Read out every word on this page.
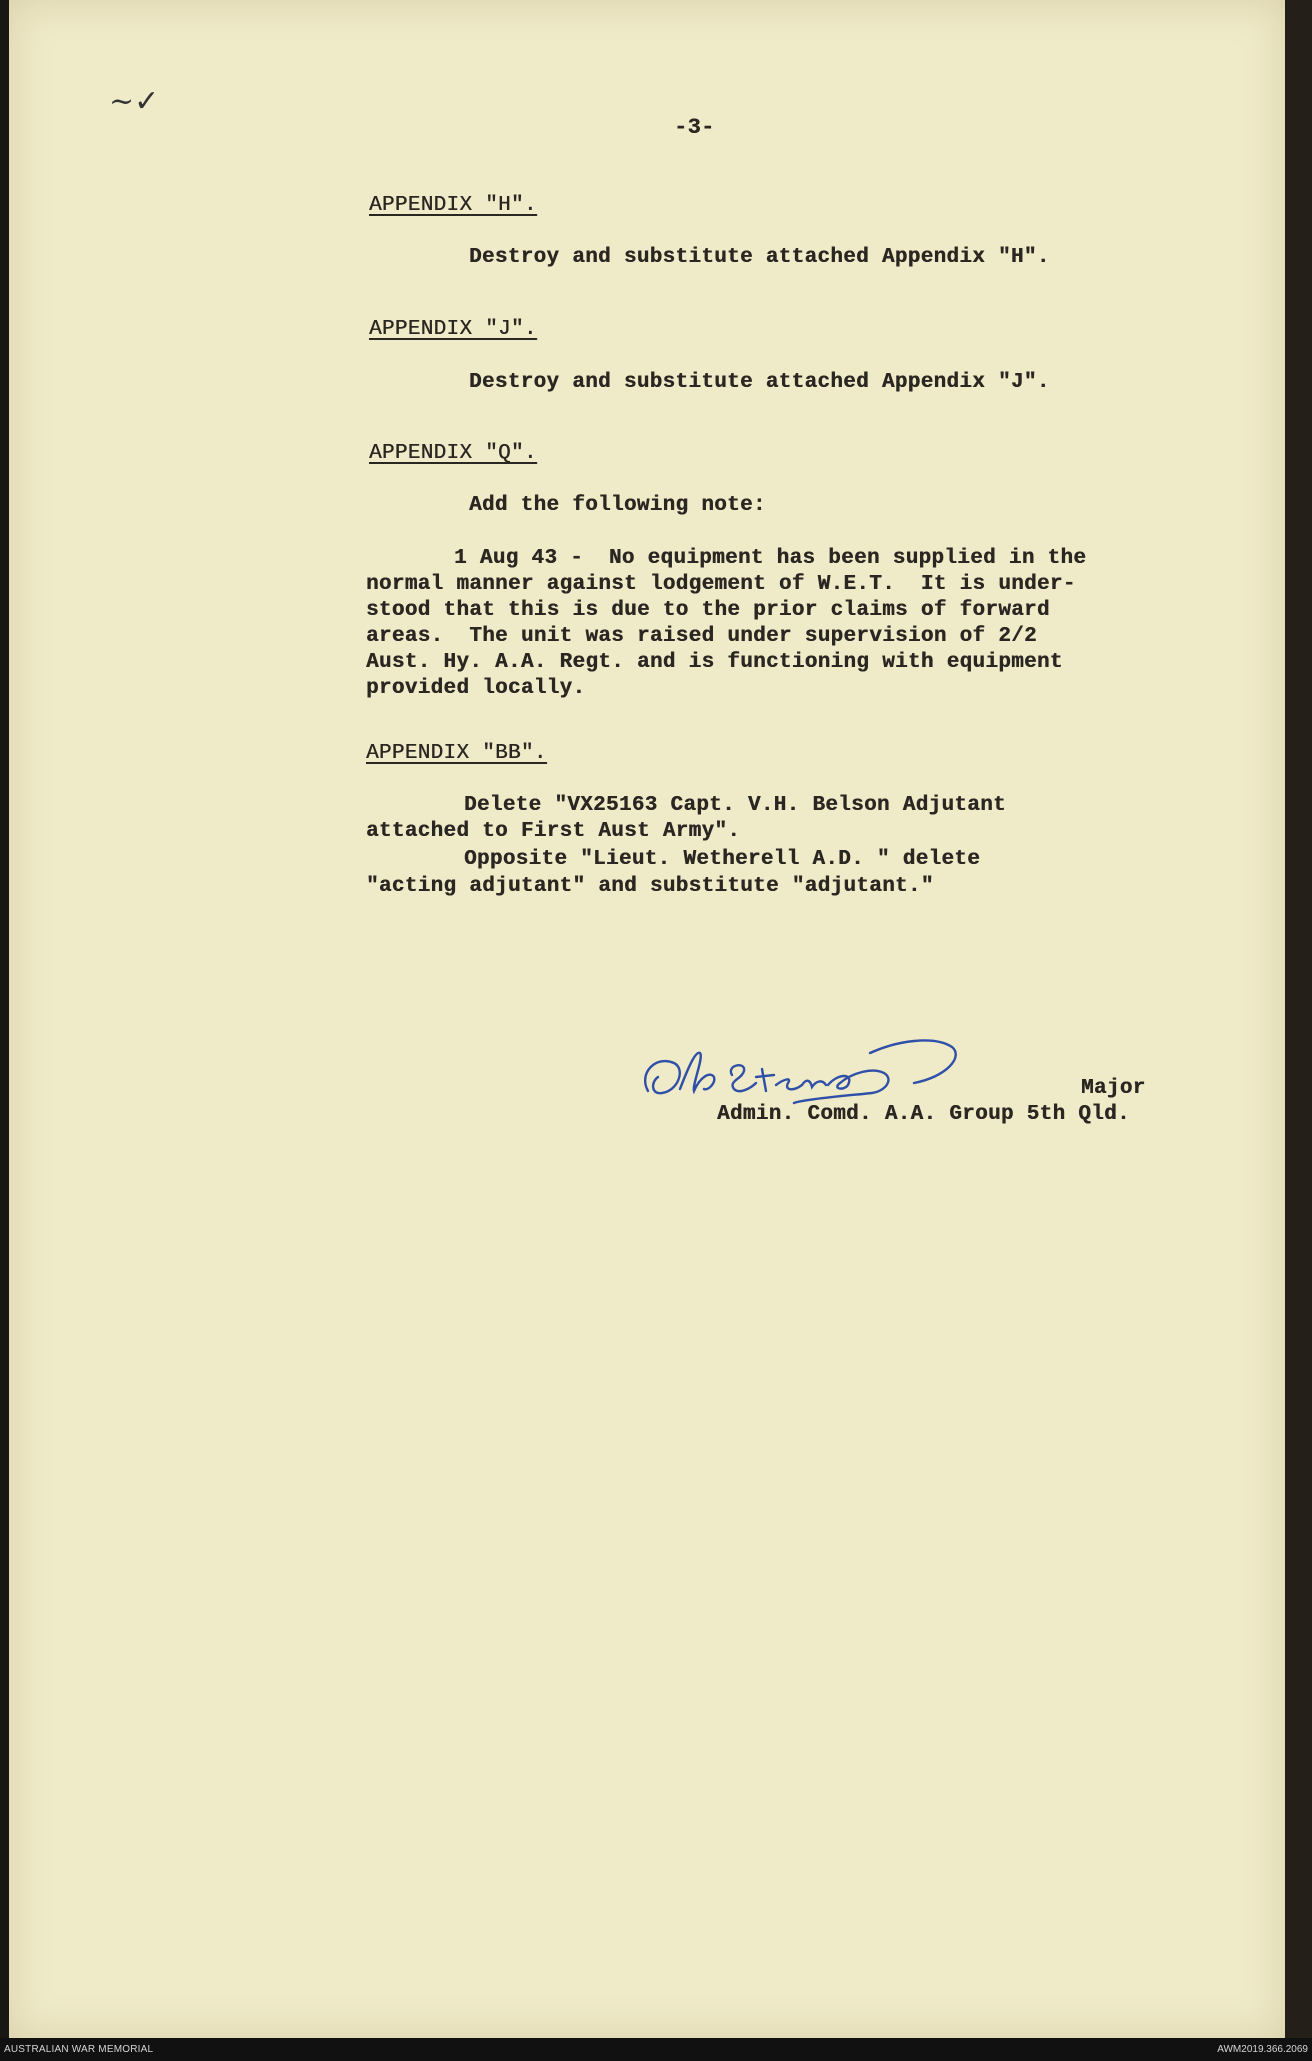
~✓
-3-
APPENDIX "H".
Destroy and substitute attached Appendix "H".
APPENDIX "J".
Destroy and substitute attached Appendix "J".
APPENDIX "Q".
Add the following note:
1 Aug 43 -  No equipment has been supplied in the
normal manner against lodgement of W.E.T.  It is under-
stood that this is due to the prior claims of forward
areas.  The unit was raised under supervision of 2/2
Aust. Hy. A.A. Regt. and is functioning with equipment
provided locally.
APPENDIX "BB".
Delete "VX25163 Capt. V.H. Belson Adjutant
attached to First Aust Army".
Opposite "Lieut. Wetherell A.D. " delete
"acting adjutant" and substitute "adjutant."
Major
Admin. Comd. A.A. Group 5th Qld.
AUSTRALIAN WAR MEMORIAL	AWM2019.366.2069
